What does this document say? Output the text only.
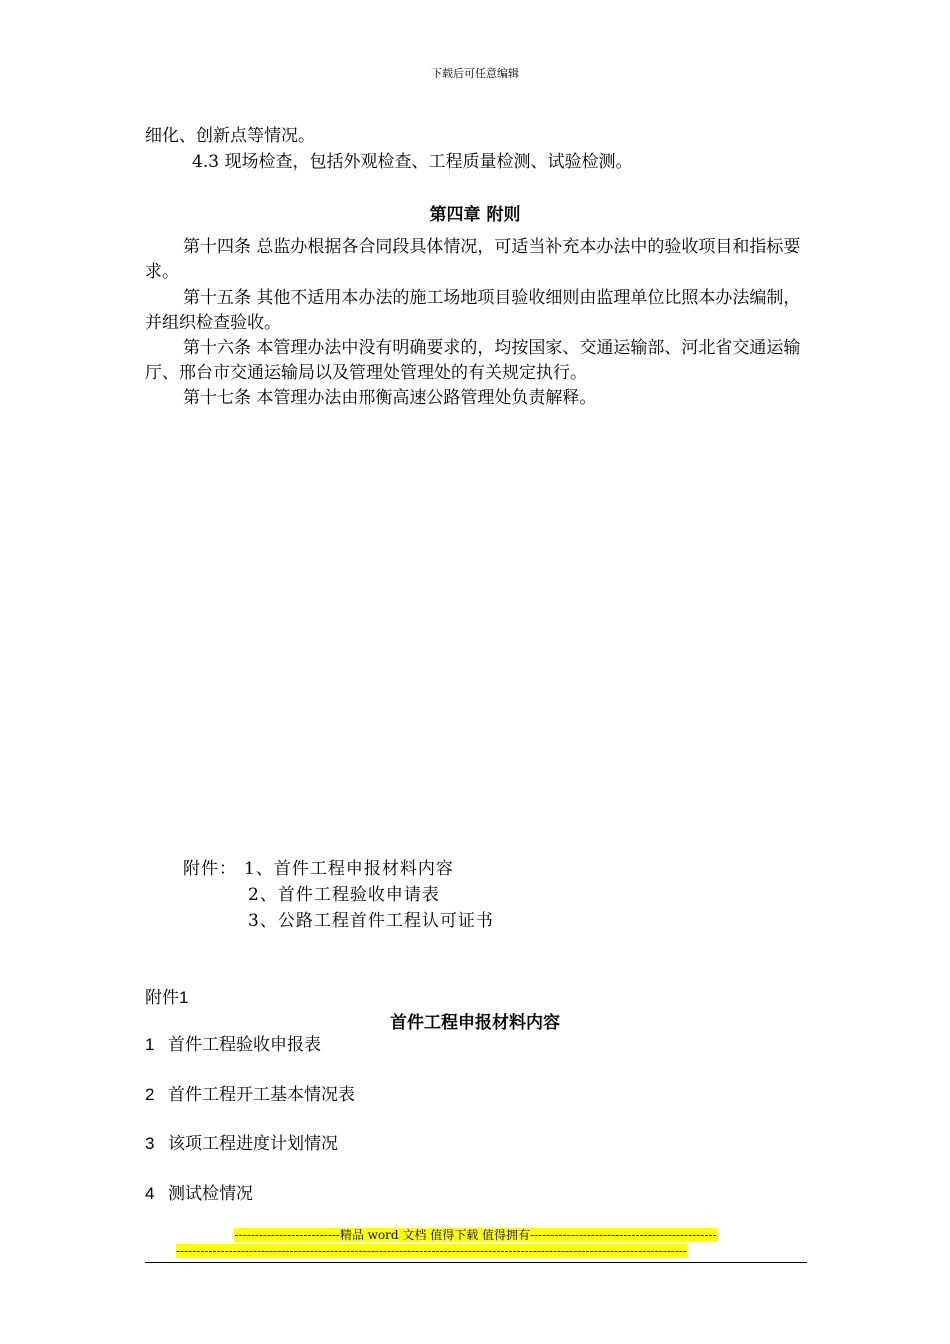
下载后可任意编辑
细化、创新点等情况。
4.3 现场检查，包括外观检查、工程质量检测、试验检测。
第四章 附则
第十四条 总监办根据各合同段具体情况，可适当补充本办法中的验收项目和指标要求。
第十五条 其他不适用本办法的施工场地项目验收细则由监理单位比照本办法编制，并组织检查验收。
第十六条 本管理办法中没有明确要求的，均按国家、交通运输部、河北省交通运输厅、邢台市交通运输局以及管理处管理处的有关规定执行。
第十七条 本管理办法由邢衡高速公路管理处负责解释。
附件： 1、首件工程申报材料内容
2、首件工程验收申请表
3、公路工程首件工程认可证书
附件1
首件工程申报材料内容
1 首件工程验收申报表
2 首件工程开工基本情况表
3 该项工程进度计划情况
4 测试检情况
--------------------------精品 word 文档 值得下载 值得拥有----------------------------------------------
------------------------------------------------------------------------------------------------------------------------------
